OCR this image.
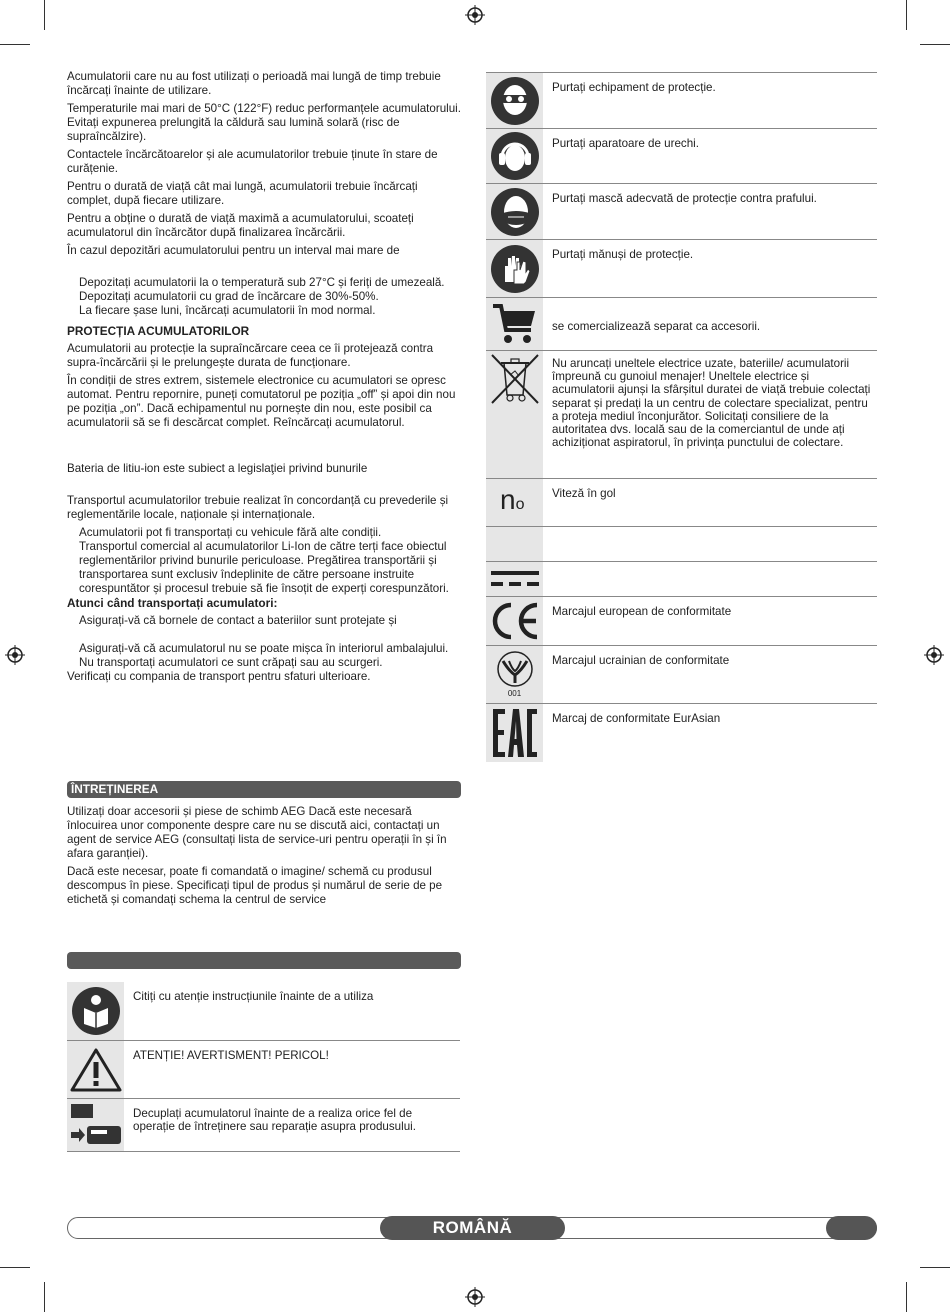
Acumulatorii care nu au fost utilizați o perioadă mai lungă de timp trebuie încărcați înainte de utilizare.

Temperaturile mai mari de 50°C (122°F) reduc performanțele acumulatorului. Evitați expunerea prelungită la căldură sau lumină solară (risc de supraîncălzire).

Contactele încărcătoarelor și ale acumulatorilor trebuie ținute în stare de curățenie.

Pentru o durată de viață cât mai lungă, acumulatorii trebuie încărcați complet, după fiecare utilizare.

Pentru a obține o durată de viață maximă a acumulatorului, scoateți acumulatorul din încărcător după finalizarea încărcării.

În cazul depozitări acumulatorului pentru un interval mai mare de

Depozitați acumulatorii la o temperatură sub 27°C și feriți de umezeală.

Depozitați acumulatorii cu grad de încărcare de 30%-50%.

La fiecare șase luni, încărcați acumulatorii în mod normal.

PROTECȚIA ACUMULATORILOR

Acumulatorii au protecție la supraîncărcare ceea ce îi protejează contra supra-încărcării și le prelungește durata de funcționare.

În condiții de stres extrem, sistemele electronice cu acumulatori se opresc automat. Pentru repornire, puneți comutatorul pe poziția „off” și apoi din nou pe poziția „on”. Dacă echipamentul nu pornește din nou, este posibil ca acumulatorii să se fi descărcat complet. Reîncărcați acumulatorul.

Bateria de litiu-ion este subiect a legislaţiei privind bunurile

Transportul acumulatorilor trebuie realizat în concordanță cu prevederile și reglementările locale, naționale și internaționale.

Acumulatorii pot fi transportați cu vehicule fără alte condiții.

Transportul comercial al acumulatorilor Li-Ion de către terți face obiectul reglementărilor privind bunurile periculoase. Pregătirea transportării și transportarea sunt exclusiv îndeplinite de către persoane instruite corespuntător și procesul trebuie să fie însoțit de experți corespunzători.

Atunci când transportați acumulatori:

Asigurați-vă că bornele de contact a bateriilor sunt protejate și

Asigurați-vă că acumulatorul nu se poate mișca în interiorul ambalajului.

Nu transportați acumulatori ce sunt crăpați sau au scurgeri.

Verificați cu compania de transport pentru sfaturi ulterioare.

ÎNTREȚINEREA

Utilizați doar accesorii și piese de schimb AEG Dacă este necesară înlocuirea unor componente despre care nu se discută aici, contactați un agent de service AEG (consultați lista de service-uri pentru operații în și în afara garanției).

Dacă este necesar, poate fi comandată o imagine/ schemă cu produsul descompus în piese. Specificați tipul de produs și numărul de serie de pe etichetă și comandați schema la centrul de service

Citiți cu atenție instrucțiunile înainte de a utiliza
ATENȚIE! AVERTISMENT! PERICOL!
Decuplați acumulatorul înainte de a realiza orice fel de operație de întreținere sau reparație asupra produsului.
Purtați echipament de protecție.
Purtați aparatoare de urechi.
Purtați mască adecvată de protecție contra prafului.
Purtați mănuși de protecție.
se comercializează separat ca accesorii.
Nu aruncați uneltele electrice uzate, bateriile/ acumulatorii împreună cu gunoiul menajer! Uneltele electrice și acumulatorii ajunși la sfârșitul duratei de viață trebuie colectați separat și predați la un centru de colectare specializat, pentru a proteja mediul înconjurător. Solicitați consiliere de la autoritatea dvs. locală sau de la comerciantul de unde ați achiziționat aspiratorul, în privința punctului de colectare.
no
Viteză în gol
Marcajul european de conformitate
001
Marcajul ucrainian de conformitate
Marcaj de conformitate EurAsian
ROMÂNĂ
